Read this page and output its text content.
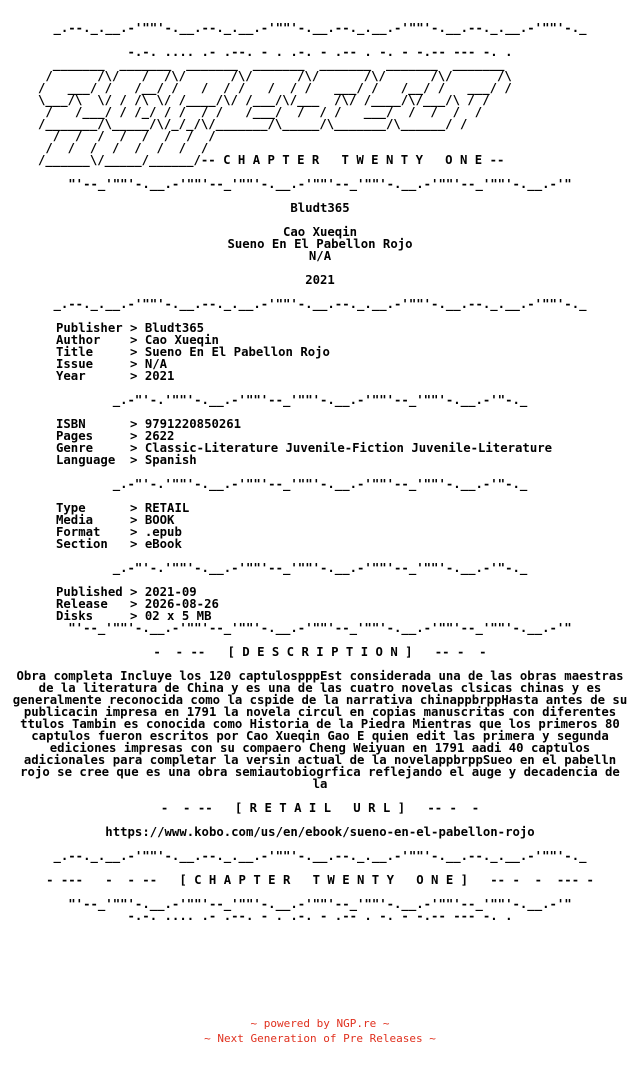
_.--._.__.-'""'-.__.--._.__.-'""'-.__.--._.__.-'""'-.__.--._.__.-'""'-._
-.-. .... .- .--. - . .-. - .-- . -. - -.-- --- -. .
_______  _______  _______  _______  _______  _______  _______
/      /\/   /  /\/      /\/      /\/      /\/      /\/      /\
/   ___/ /   /__/ /   /  / /   /  / /   ___/ /   /__/ /   ___/ /
\___/\  \/ / /\ \/ /____/\/ /___/\/___  /\/ /____/\/___/\ / /
/   /___/ / /_/ / /  / /   /___/  /  / /   ___/  /  /  /  /
/_______/\_____/\/_/_/\/_______/\_____/\_______/\______/ /
/  /  /  /  /  /  /  /
/  /  /  /  /  /  /  /
/______\/_____/______/-- C H A P T E R   T W E N T Y   O N E --
"'--_'""'-.__.-'""'--_'""'-.__.-'""'--_'""'-.__.-'""'--_'""'-.__.-'"
Bludt365
Cao Xueqin
Sueno En El Pabellon Rojo
N/A
2021
_.--._.__.-'""'-.__.--._.__.-'""'-.__.--._.__.-'""'-.__.--._.__.-'""'-._
Publisher > Bludt365
Author    > Cao Xueqin
Title     > Sueno En El Pabellon Rojo
Issue     > N/A
Year      > 2021
_.-"'-.'""'-.__.-'""'--_'""'-.__.-'""'--_'""'-.__.-'"-._
ISBN      > 9791220850261
Pages     > 2622
Genre     > Classic-Literature Juvenile-Fiction Juvenile-Literature
Language  > Spanish
_.-"'-.'""'-.__.-'""'--_'""'-.__.-'""'--_'""'-.__.-'"-._
Type      > RETAIL
Media     > BOOK
Format    > .epub
Section   > eBook
_.-"'-.'""'-.__.-'""'--_'""'-.__.-'""'--_'""'-.__.-'"-._
Published > 2021-09
Release   > 2026-08-26
Disks     > 02 x 5 MB
"'--_'""'-.__.-'""'--_'""'-.__.-'""'--_'""'-.__.-'""'--_'""'-.__.-'"
-  - --   [ D E S C R I P T I O N ]   -- -  -
Obra completa Incluye los 120 captulospppEst considerada una de las obras maestras de la literatura de China y es una de las cuatro novelas clsicas chinas y es generalmente reconocida como la cspide de la narrativa chinappbrppHasta antes de su publicacin impresa en 1791 la novela circul en copias manuscritas con diferentes ttulos Tambin es conocida como Historia de la Piedra Mientras que los primeros 80 captulos fueron escritos por Cao Xueqin Gao E quien edit las primera y segunda ediciones impresas con su compaero Cheng Weiyuan en 1791 aadi 40 captulos adicionales para completar la versin actual de la novelappbrppSueo en el pabelln rojo se cree que es una obra semiautobiogrfica reflejando el auge y decadencia de la
-  - --   [ R E T A I L   U R L ]   -- -  -
https://www.kobo.com/us/en/ebook/sueno-en-el-pabellon-rojo
_.--._.__.-'""'-.__.--._.__.-'""'-.__.--._.__.-'""'-.__.--._.__.-'""'-._
- ---   -  - --   [ C H A P T E R   T W E N T Y   O N E ]   -- -  -  --- -
"'--_'""'-.__.-'""'--_'""'-.__.-'""'--_'""'-.__.-'""'--_'""'-.__.-'"
-.-. .... .- .--. - . .-. - .-- . -. - -.-- --- -. .
~ powered by NGP.re ~
~ Next Generation of Pre Releases ~
